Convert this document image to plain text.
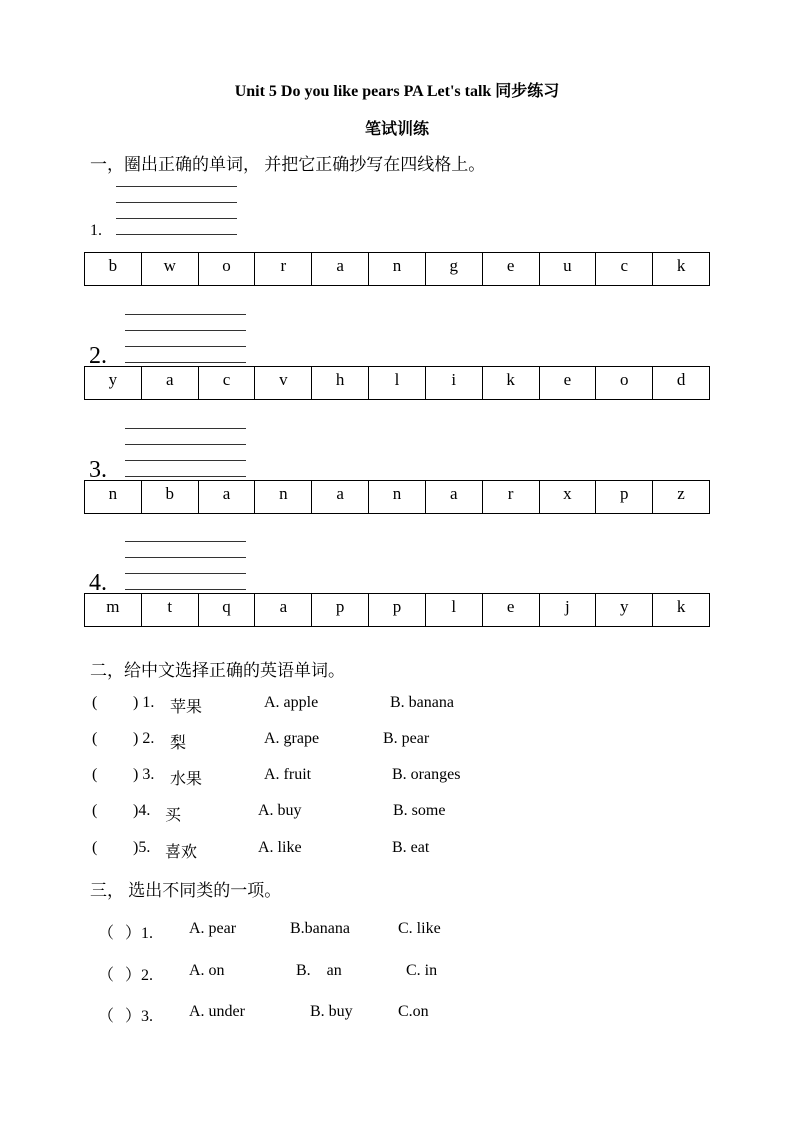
Unit 5 Do you like pears PA Let's talk 同步练习
笔试训练
一，圈出正确的单词， 并把它正确抄写在四线格上。
1.
b	w	o	r	a	n	g	e	u	c	k
2.
y	a	c	v	h	l	i	k	e	o	d
3.
n	b	a	n	a	n	a	r	x	p	z
4.
m	t	q	a	p	p	l	e	j	y	k
二，给中文选择正确的英语单词。
( ) 1. 苹果	A. apple	B. banana
( ) 2. 梨	A. grape	B. pear
( ) 3. 水果	A. fruit	B. oranges
( )4. 买	A. buy	B. some
( )5. 喜欢	A. like	B. eat
三， 选出不同类的一项。
（ ）1. A. pear	B.banana	C. like
（ ）2. A. on	B.    an	C. in
（ ）3. A. under	B. buy	C.on
